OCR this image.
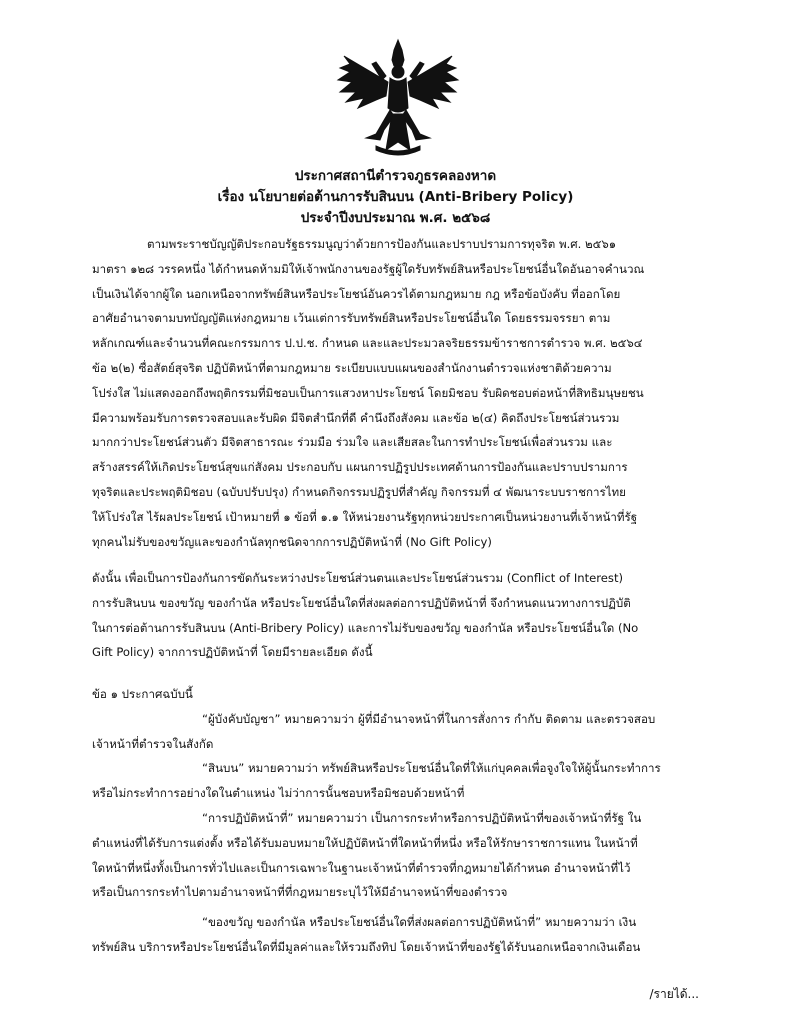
ประกาศสถานีตำรวจภูธรคลองหาด
เรื่อง นโยบายต่อต้านการรับสินบน (Anti-Bribery Policy)
ประจำปีงบประมาณ พ.ศ. ๒๕๖๘
ตามพระราชบัญญัติประกอบรัฐธรรมนูญว่าด้วยการป้องกันและปราบปรามการทุจริต พ.ศ. ๒๕๖๑
มาตรา ๑๒๘ วรรคหนึ่ง ได้กำหนดห้ามมิให้เจ้าพนักงานของรัฐผู้ใดรับทรัพย์สินหรือประโยชน์อื่นใดอันอาจคำนวณ
เป็นเงินได้จากผู้ใด นอกเหนือจากทรัพย์สินหรือประโยชน์อันควรได้ตามกฎหมาย กฎ หรือข้อบังคับ ที่ออกโดย
อาศัยอำนาจตามบทบัญญัติแห่งกฎหมาย เว้นแต่การรับทรัพย์สินหรือประโยชน์อื่นใด โดยธรรมจรรยา ตาม
หลักเกณฑ์และจำนวนที่คณะกรรมการ ป.ป.ช. กำหนด และและประมวลจริยธรรมข้าราชการตำรวจ พ.ศ. ๒๕๖๔
ข้อ ๒(๒) ซื่อสัตย์สุจริต ปฏิบัติหน้าที่ตามกฎหมาย ระเบียบแบบแผนของสำนักงานตำรวจแห่งชาติด้วยความ
โปร่งใส ไม่แสดงออกถึงพฤติกรรมที่มิชอบเป็นการแสวงหาประโยชน์ โดยมิชอบ รับผิดชอบต่อหน้าที่สิทธิมนุษยชน
มีความพร้อมรับการตรวจสอบและรับผิด มีจิตสำนึกที่ดี คำนึงถึงสังคม และข้อ ๒(๔) คิดถึงประโยชน์ส่วนรวม
มากกว่าประโยชน์ส่วนตัว มีจิตสาธารณะ ร่วมมือ ร่วมใจ และเสียสละในการทำประโยชน์เพื่อส่วนรวม และ
สร้างสรรค์ให้เกิดประโยชน์สุขแก่สังคม ประกอบกับ แผนการปฏิรูปประเทศด้านการป้องกันและปราบปรามการ
ทุจริตและประพฤติมิชอบ (ฉบับปรับปรุง) กำหนดกิจกรรมปฏิรูปที่สำคัญ กิจกรรมที่ ๔ พัฒนาระบบราชการไทย
ให้โปร่งใส ไร้ผลประโยชน์ เป้าหมายที่ ๑ ข้อที่ ๑.๑ ให้หน่วยงานรัฐทุกหน่วยประกาศเป็นหน่วยงานที่เจ้าหน้าที่รัฐ
ทุกคนไม่รับของขวัญและของกำนัลทุกชนิดจากการปฏิบัติหน้าที่ (No Gift Policy)
ดังนั้น เพื่อเป็นการป้องกันการขัดกันระหว่างประโยชน์ส่วนตนและประโยชน์ส่วนรวม (Conflict of Interest)
การรับสินบน ของขวัญ ของกำนัล หรือประโยชน์อื่นใดที่ส่งผลต่อการปฏิบัติหน้าที่ จึงกำหนดแนวทางการปฏิบัติ
ในการต่อต้านการรับสินบน (Anti-Bribery Policy) และการไม่รับของขวัญ ของกำนัล หรือประโยชน์อื่นใด (No
Gift Policy) จากการปฏิบัติหน้าที่ โดยมีรายละเอียด ดังนี้
ข้อ ๑ ประกาศฉบับนี้
“ผู้บังคับบัญชา” หมายความว่า ผู้ที่มีอำนาจหน้าที่ในการสั่งการ กำกับ ติดตาม และตรวจสอบ
เจ้าหน้าที่ตำรวจในสังกัด
“สินบน” หมายความว่า ทรัพย์สินหรือประโยชน์อื่นใดที่ให้แก่บุคคลเพื่อจูงใจให้ผู้นั้นกระทำการ
หรือไม่กระทำการอย่างใดในตำแหน่ง ไม่ว่าการนั้นชอบหรือมิชอบด้วยหน้าที่
“การปฏิบัติหน้าที่” หมายความว่า เป็นการกระทำหรือการปฏิบัติหน้าที่ของเจ้าหน้าที่รัฐ ใน
ตำแหน่งที่ได้รับการแต่งตั้ง หรือได้รับมอบหมายให้ปฏิบัติหน้าที่ใดหน้าที่หนึ่ง หรือให้รักษาราชการแทน ในหน้าที่
ใดหน้าที่หนึ่งทั้งเป็นการทั่วไปและเป็นการเฉพาะในฐานะเจ้าหน้าที่ตำรวจที่กฎหมายได้กำหนด อำนาจหน้าที่ไว้
หรือเป็นการกระทำไปตามอำนาจหน้าที่ที่กฎหมายระบุไว้ให้มีอำนาจหน้าที่ของตำรวจ
“ของขวัญ ของกำนัล หรือประโยชน์อื่นใดที่ส่งผลต่อการปฏิบัติหน้าที่” หมายความว่า เงิน
ทรัพย์สิน บริการหรือประโยชน์อื่นใดที่มีมูลค่าและให้รวมถึงทิป โดยเจ้าหน้าที่ของรัฐได้รับนอกเหนือจากเงินเดือน
/รายได้...
